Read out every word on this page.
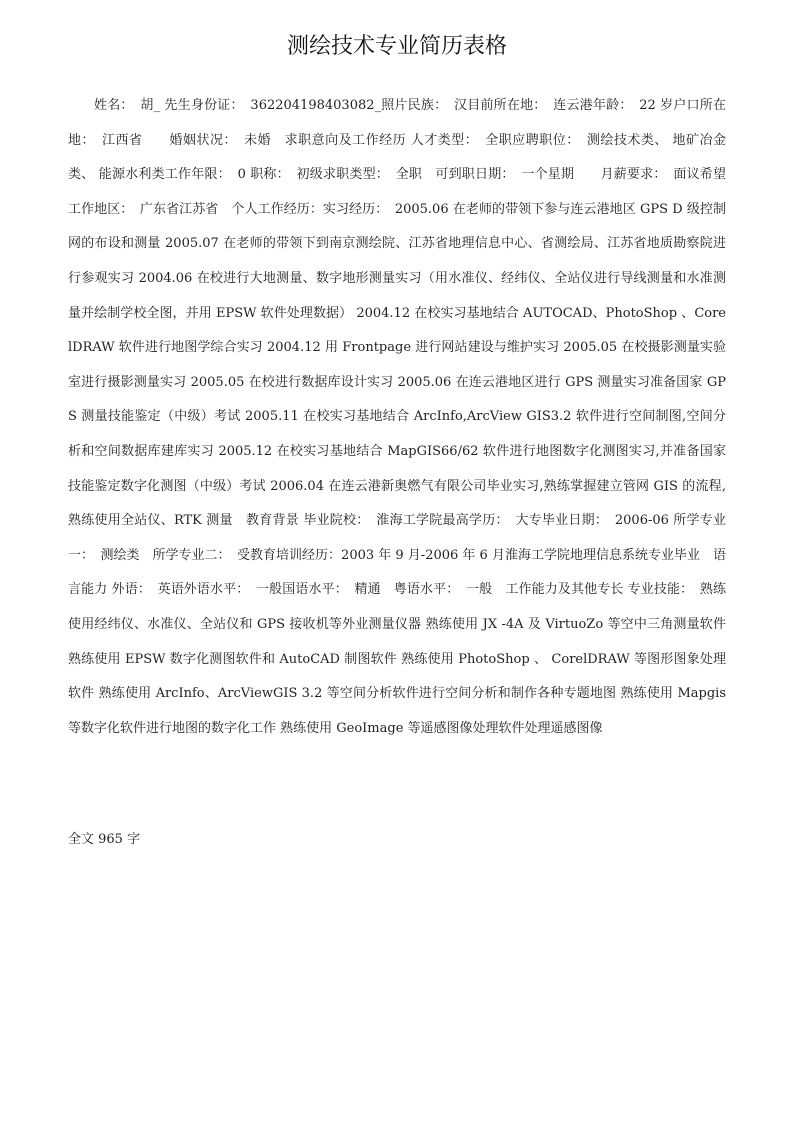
测绘技术专业简历表格

姓名：　胡_ 先生身份证：　362204198403082_照片民族：　汉目前所在地：　连云港年龄：　22 岁户口所在地：　江西省　　婚姻状况：　未婚　求职意向及工作经历 人才类型：　全职应聘职位：　测绘技术类、 地矿冶金类、 能源水利类工作年限：　0 职称：　初级求职类型：　全职　可到职日期：　一个星期　　月薪要求：　面议希望工作地区：　广东省江苏省　个人工作经历：实习经历：　2005.06 在老师的带领下参与连云港地区 GPS D 级控制网的布设和测量 2005.07 在老师的带领下到南京测绘院、江苏省地理信息中心、省测绘局、江苏省地质勘察院进行参观实习 2004.06 在校进行大地测量、数字地形测量实习（用水准仪、经纬仪、全站仪进行导线测量和水准测量并绘制学校全图，并用 EPSW 软件处理数据） 2004.12 在校实习基地结合 AUTOCAD、PhotoShop 、CorelDRAW 软件进行地图学综合实习 2004.12 用 Frontpage 进行网站建设与维护实习 2005.05 在校摄影测量实验室进行摄影测量实习 2005.05 在校进行数据库设计实习 2005.06 在连云港地区进行 GPS 测量实习准备国家 GPS 测量技能鉴定（中级）考试 2005.11 在校实习基地结合 ArcInfo,ArcView GIS3.2 软件进行空间制图,空间分析和空间数据库建库实习 2005.12 在校实习基地结合 MapGIS66/62 软件进行地图数字化测图实习,并准备国家技能鉴定数字化测图（中级）考试 2006.04 在连云港新奥燃气有限公司毕业实习,熟练掌握建立管网 GIS 的流程,熟练使用全站仪、RTK 测量　教育背景 毕业院校：　淮海工学院最高学历：　大专毕业日期：　2006-06 所学专业一：　测绘类　所学专业二：　受教育培训经历：2003 年 9 月-2006 年 6 月淮海工学院地理信息系统专业毕业　语言能力 外语：　英语外语水平：　一般国语水平：　精通　粤语水平：　一般　工作能力及其他专长 专业技能：　熟练使用经纬仪、水准仪、全站仪和 GPS 接收机等外业测量仪器 熟练使用 JX -4A 及 VirtuoZo 等空中三角测量软件 熟练使用 EPSW 数字化测图软件和 AutoCAD 制图软件 熟练使用 PhotoShop 、 CorelDRAW 等图形图象处理软件 熟练使用 ArcInfo、ArcViewGIS 3.2 等空间分析软件进行空间分析和制作各种专题地图 熟练使用 Mapgis 等数字化软件进行地图的数字化工作 熟练使用 GeoImage 等遥感图像处理软件处理遥感图像

全文 965 字
